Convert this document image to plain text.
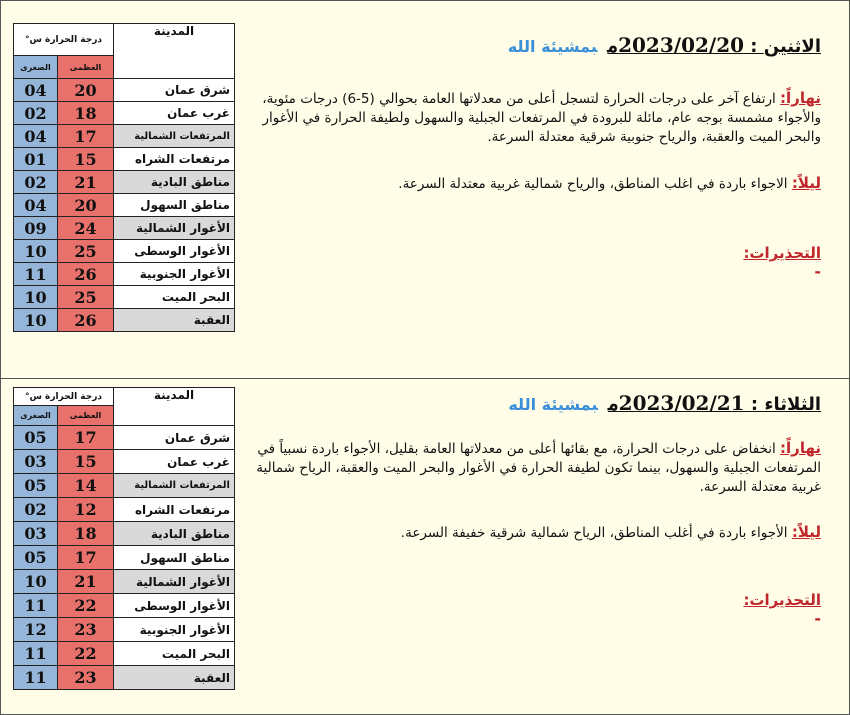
المدينة	درجة الحرارة س°	
	العظمى	الصغرى
شرق عمان	20	04
غرب عمان	18	02
المرتفعات الشمالية	17	04
مرتفعات الشراه	15	01
مناطق البادية	21	02
مناطق السهول	20	04
الأغوار الشمالية	24	09
الأغوار الوسطى	25	10
الأغوار الجنوبية	26	11
البحر الميت	25	10
العقبة	26	10
الاثنين : 2023/02/20مبمشيئة الله

نهاراً: ارتفاع آخر على درجات الحرارة لتسجل أعلى من معدلاتها العامة بحوالي (5-6) درجات مئوية، والأجواء مشمسة بوجه عام، مائلة للبرودة في المرتفعات الجبلية والسهول ولطيفة الحرارة في الأغوار والبحر الميت والعقبة، والرياح جنوبية شرقية معتدلة السرعة.

ليلاً: الاجواء باردة في اغلب المناطق، والرياح شمالية غربية معتدلة السرعة.

التحذيرات:
-
المدينة	درجة الحرارة س°	
	العظمى	الصغرى
شرق عمان	17	05
غرب عمان	15	03
المرتفعات الشمالية	14	05
مرتفعات الشراه	12	02
مناطق البادية	18	03
مناطق السهول	17	05
الأغوار الشمالية	21	10
الأغوار الوسطى	22	11
الأغوار الجنوبية	23	12
البحر الميت	22	11
العقبة	23	11
الثلاثاء : 2023/02/21مبمشيئة الله

نهاراً: انخفاض على درجات الحرارة، مع بقائها أعلى من معدلاتها العامة بقليل، الأجواء باردة نسبياً في المرتفعات الجبلية والسهول، بينما تكون لطيفة الحرارة في الأغوار والبحر الميت والعقبة، الرياح شمالية غربية معتدلة السرعة.

ليلاً: الأجواء باردة في أغلب المناطق، الرياح شمالية شرقية خفيفة السرعة.

التحذيرات:
-
